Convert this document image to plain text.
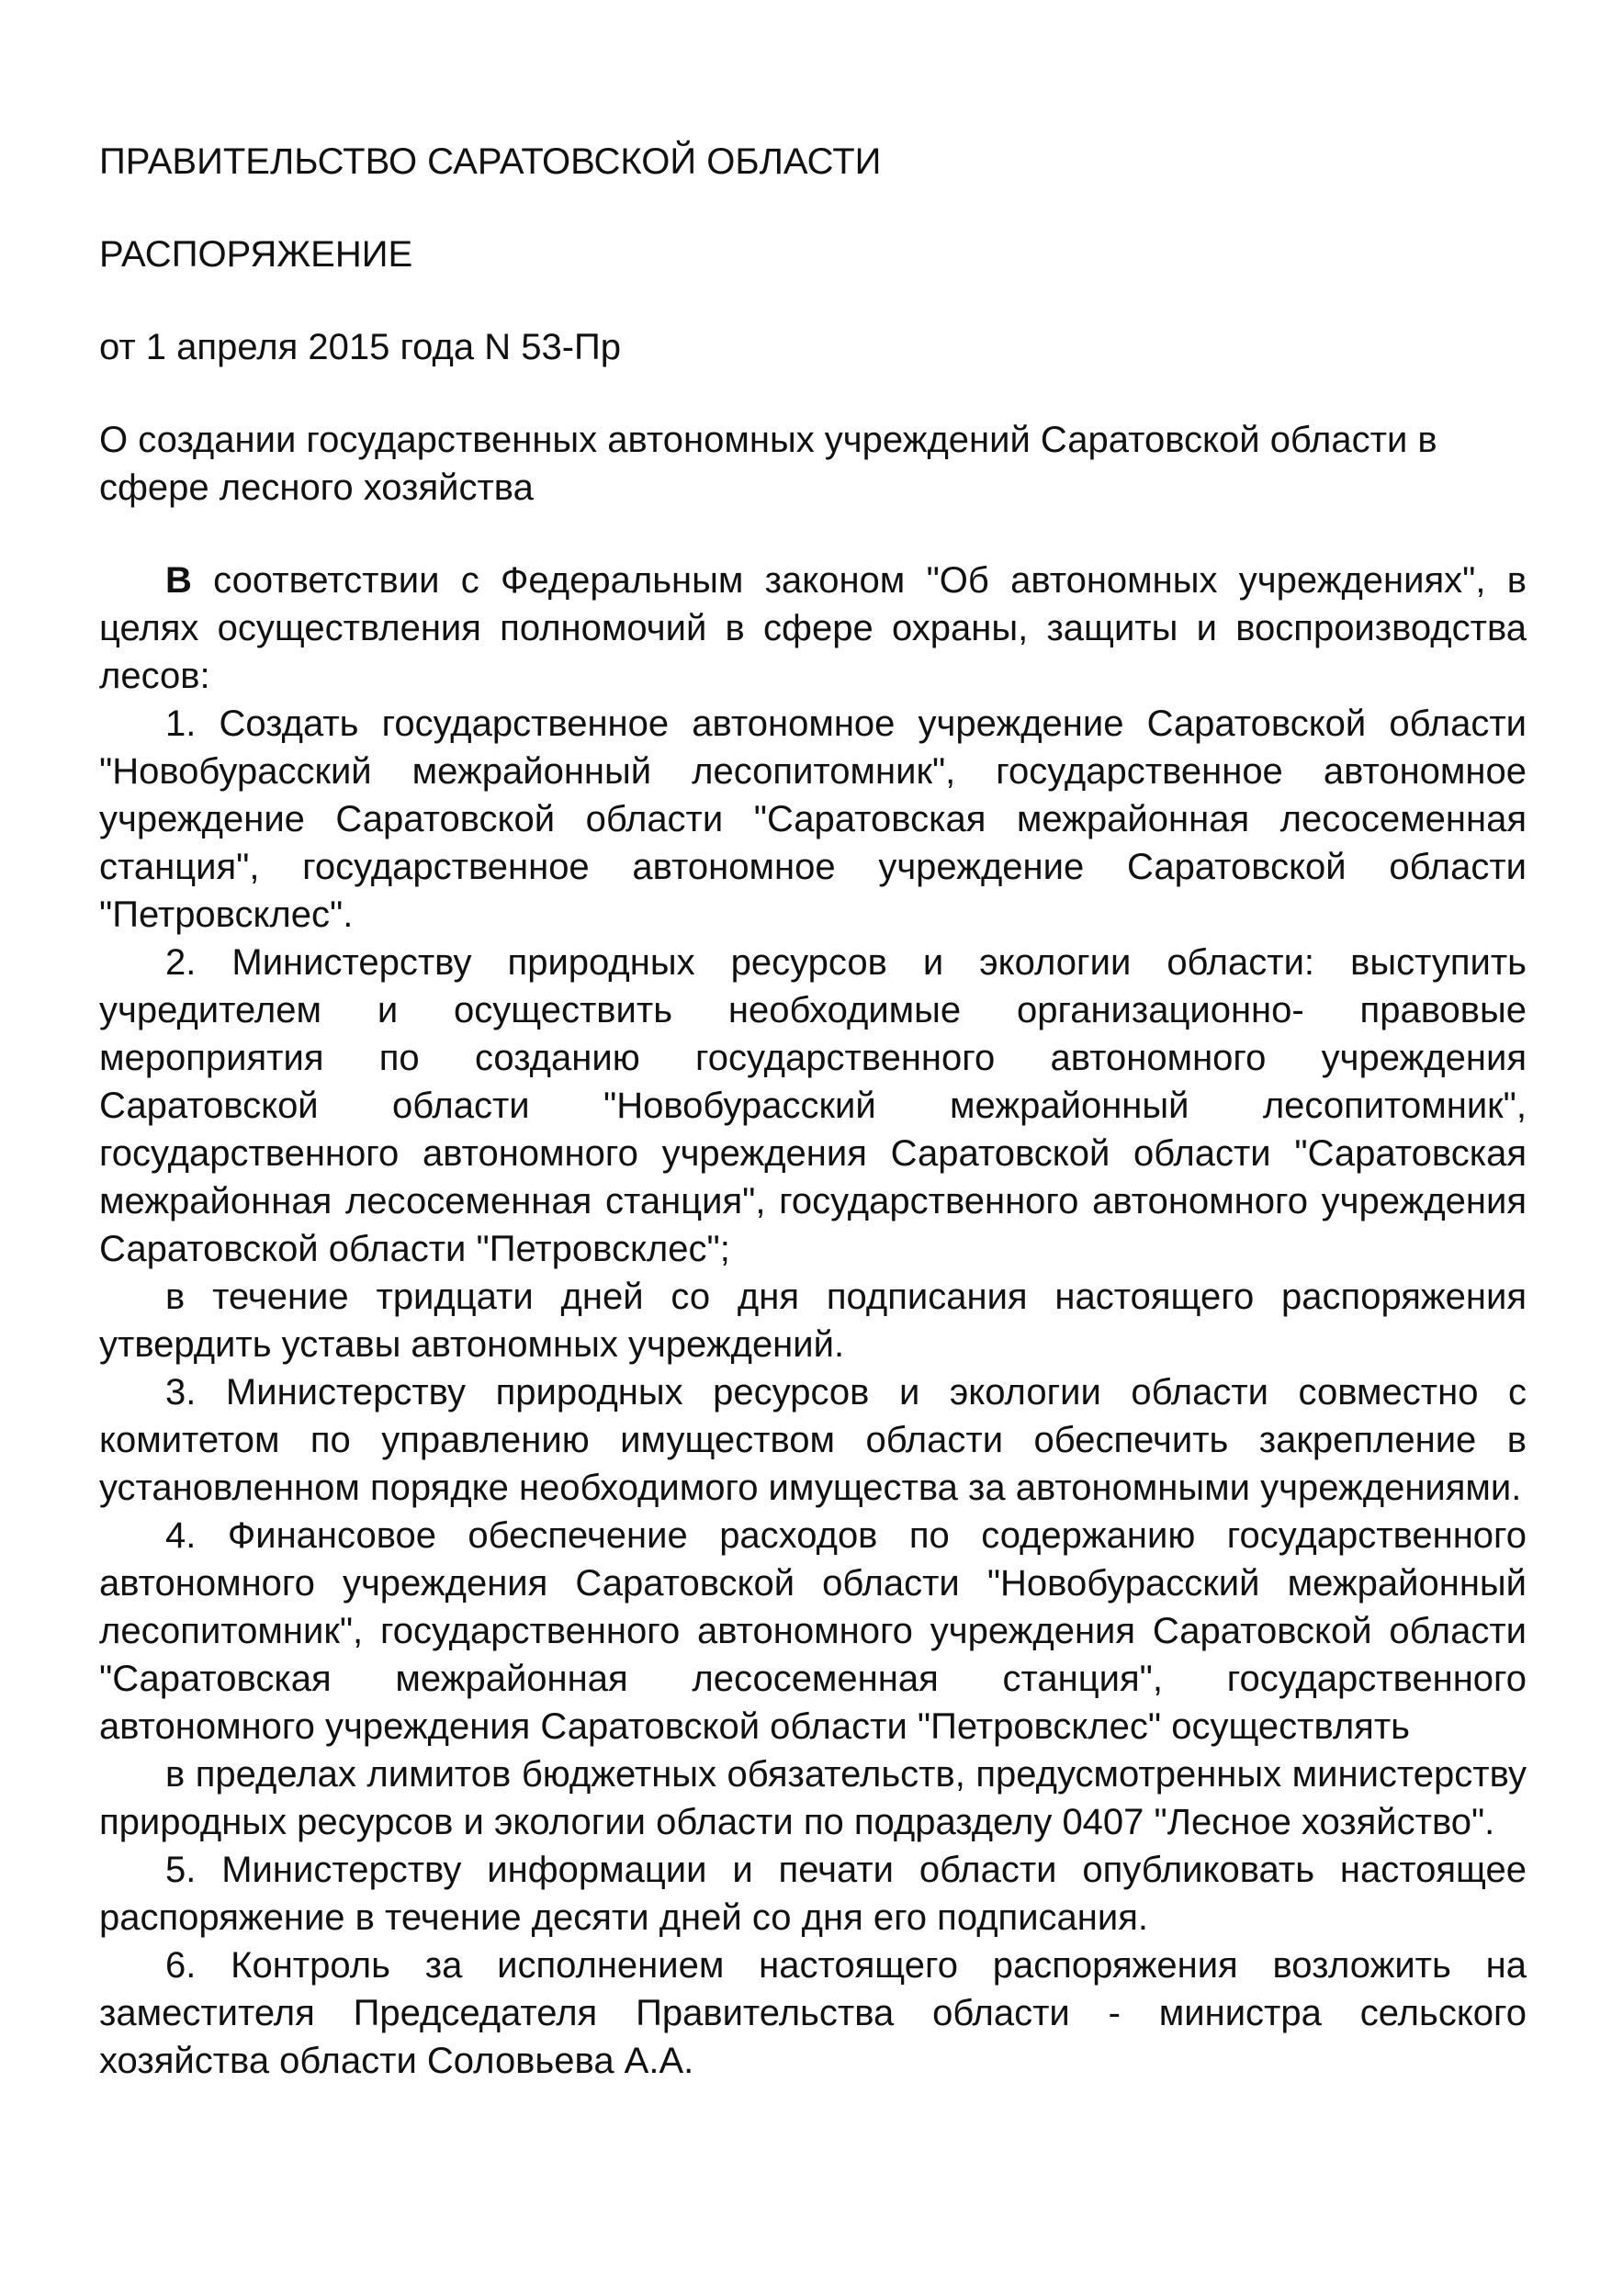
ПРАВИТЕЛЬСТВО САРАТОВСКОЙ ОБЛАСТИ
РАСПОРЯЖЕНИЕ
от 1 апреля 2015 года N 53-Пр
О создании государственных автономных учреждений Саратовской области в сфере лесного хозяйства

В соответствии с Федеральным законом "Об автономных учреждениях", в целях осуществления полномочий в сфере охраны, защиты и воспроизводства лесов:

1. Создать государственное автономное учреждение Саратовской области "Новобурасский межрайонный лесопитомник", государственное автономное учреждение Саратовской области "Саратовская межрайонная лесосеменная станция", государственное автономное учреждение Саратовской области "Петровсклес".

2. Министерству природных ресурсов и экологии области: выступить учредителем и осуществить необходимые организационно- правовые мероприятия по созданию государственного автономного учреждения Саратовской области "Новобурасский межрайонный лесопитомник", государственного автономного учреждения Саратовской области "Саратовская межрайонная лесосеменная станция", государственного автономного учреждения Саратовской области "Петровсклес";

в течение тридцати дней со дня подписания настоящего распоряжения утвердить уставы автономных учреждений.

3. Министерству природных ресурсов и экологии области совместно с комитетом по управлению имуществом области обеспечить закрепление в установленном порядке необходимого имущества за автономными учреждениями.

4. Финансовое обеспечение расходов по содержанию государственного автономного учреждения Саратовской области "Новобурасский межрайонный лесопитомник", государственного автономного учреждения Саратовской области "Саратовская межрайонная лесосеменная станция", государственного автономного учреждения Саратовской области "Петровсклес" осуществлять

в пределах лимитов бюджетных обязательств, предусмотренных министерству природных ресурсов и экологии области по подразделу 0407 "Лесное хозяйство".

5. Министерству информации и печати области опубликовать настоящее распоряжение в течение десяти дней со дня его подписания.

6. Контроль за исполнением настоящего распоряжения возложить на заместителя Председателя Правительства области - министра сельского хозяйства области Соловьева А.А.
